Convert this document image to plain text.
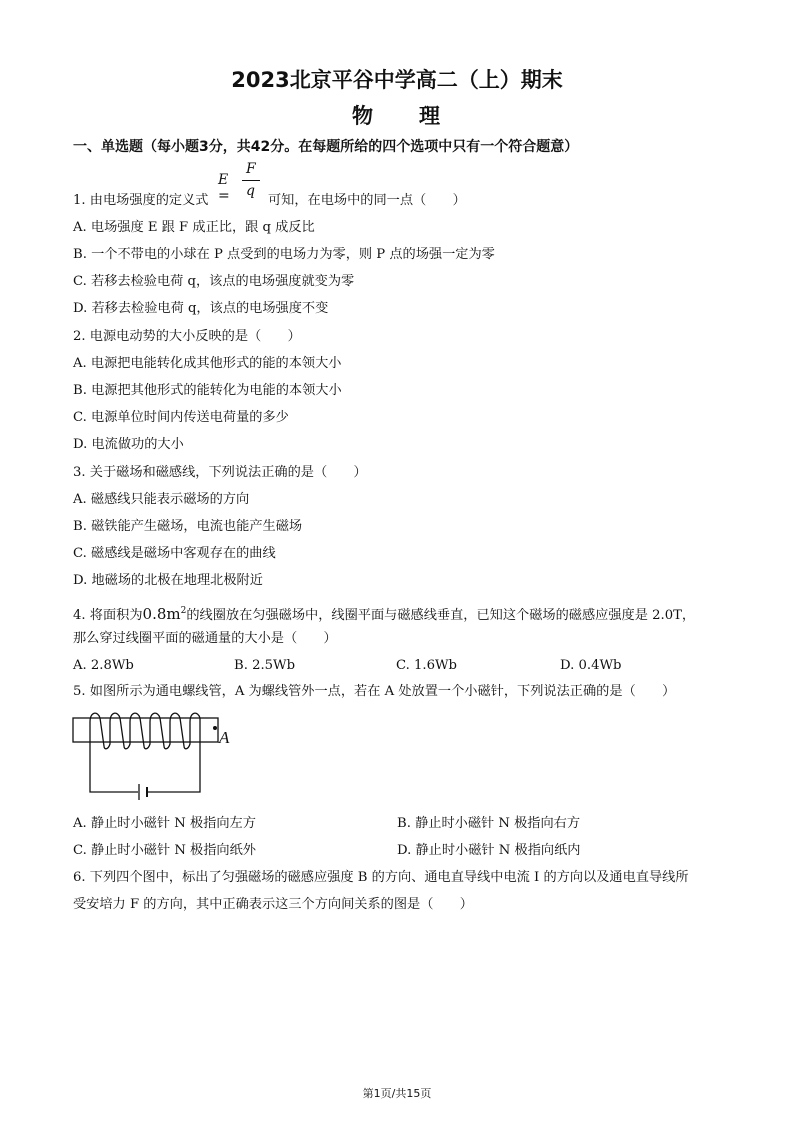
2023北京平谷中学高二（上）期末
物 理
一、单选题（每小题3分，共42分。在每题所给的四个选项中只有一个符合题意）
E =
F
q
1. 由电场强度的定义式	可知，在电场中的同一点（　　）
A. 电场强度 E 跟 F 成正比，跟 q 成反比
B. 一个不带电的小球在 P 点受到的电场力为零，则 P 点的场强一定为零
C. 若移去检验电荷 q，该点的电场强度就变为零
D. 若移去检验电荷 q，该点的电场强度不变
2. 电源电动势的大小反映的是（　　）
A. 电源把电能转化成其他形式的能的本领大小
B. 电源把其他形式的能转化为电能的本领大小
C. 电源单位时间内传送电荷量的多少
D. 电流做功的大小
3. 关于磁场和磁感线，下列说法正确的是（　　）
A. 磁感线只能表示磁场的方向
B. 磁铁能产生磁场，电流也能产生磁场
C. 磁感线是磁场中客观存在的曲线
D. 地磁场的北极在地理北极附近
4. 将面积为$0.8m^2$的线圈放在匀强磁场中，线圈平面与磁感线垂直，已知这个磁场的磁感应强度是 2.0T，
那么穿过线圈平面的磁通量的大小是（　　）
A. 2.8Wb	B. 2.5Wb	C. 1.6Wb	D. 0.4Wb
5. 如图所示为通电螺线管，A 为螺线管外一点，若在 A 处放置一个小磁针，下列说法正确的是（　　）
A
A. 静止时小磁针 N 极指向左方	B. 静止时小磁针 N 极指向右方
C. 静止时小磁针 N 极指向纸外	D. 静止时小磁针 N 极指向纸内
6. 下列四个图中，标出了匀强磁场的磁感应强度 B 的方向、通电直导线中电流 I 的方向以及通电直导线所
受安培力 F 的方向，其中正确表示这三个方向间关系的图是（　　）
第1页/共15页
